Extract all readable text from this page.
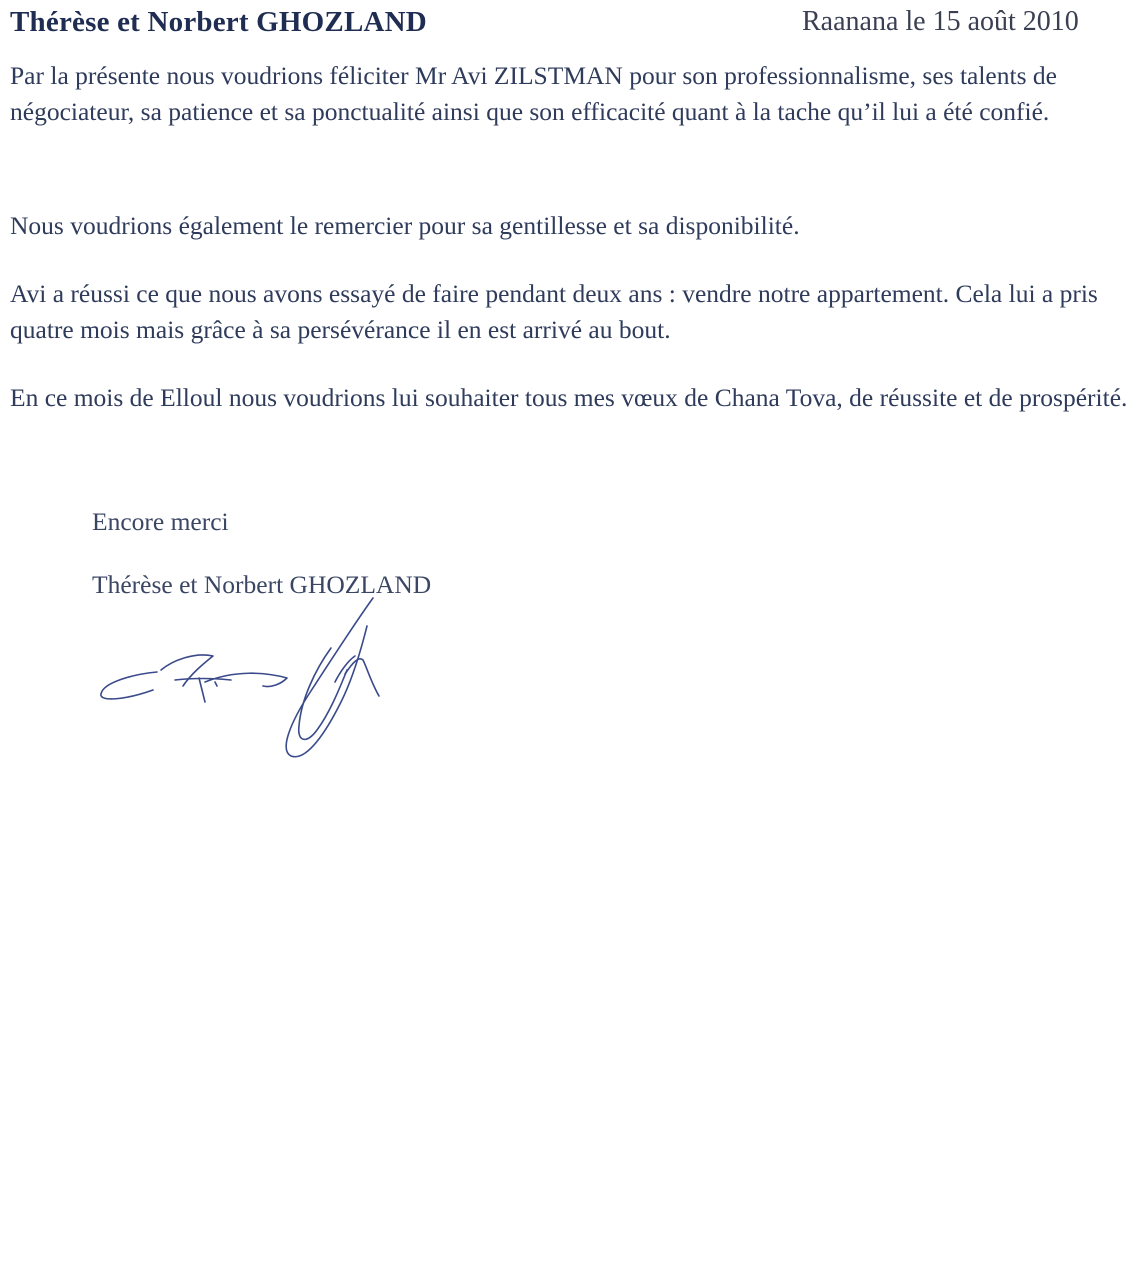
Thérèse et Norbert GHOZLAND	Raanana le 15 août 2010
Par la présente nous voudrions féliciter Mr Avi ZILSTMAN pour son professionnalisme, ses talents de négociateur, sa patience et sa ponctualité ainsi que son efficacité quant à la tache qu’il lui a été confié.
Nous voudrions également le remercier pour sa gentillesse et sa disponibilité.
Avi a réussi ce que nous avons essayé de faire pendant deux ans : vendre notre appartement. Cela lui a pris quatre mois mais grâce à sa persévérance il en est arrivé au bout.
En ce mois de Elloul nous voudrions lui souhaiter tous mes vœux de Chana Tova, de réussite et de prospérité.
Encore merci
Thérèse et Norbert GHOZLAND
